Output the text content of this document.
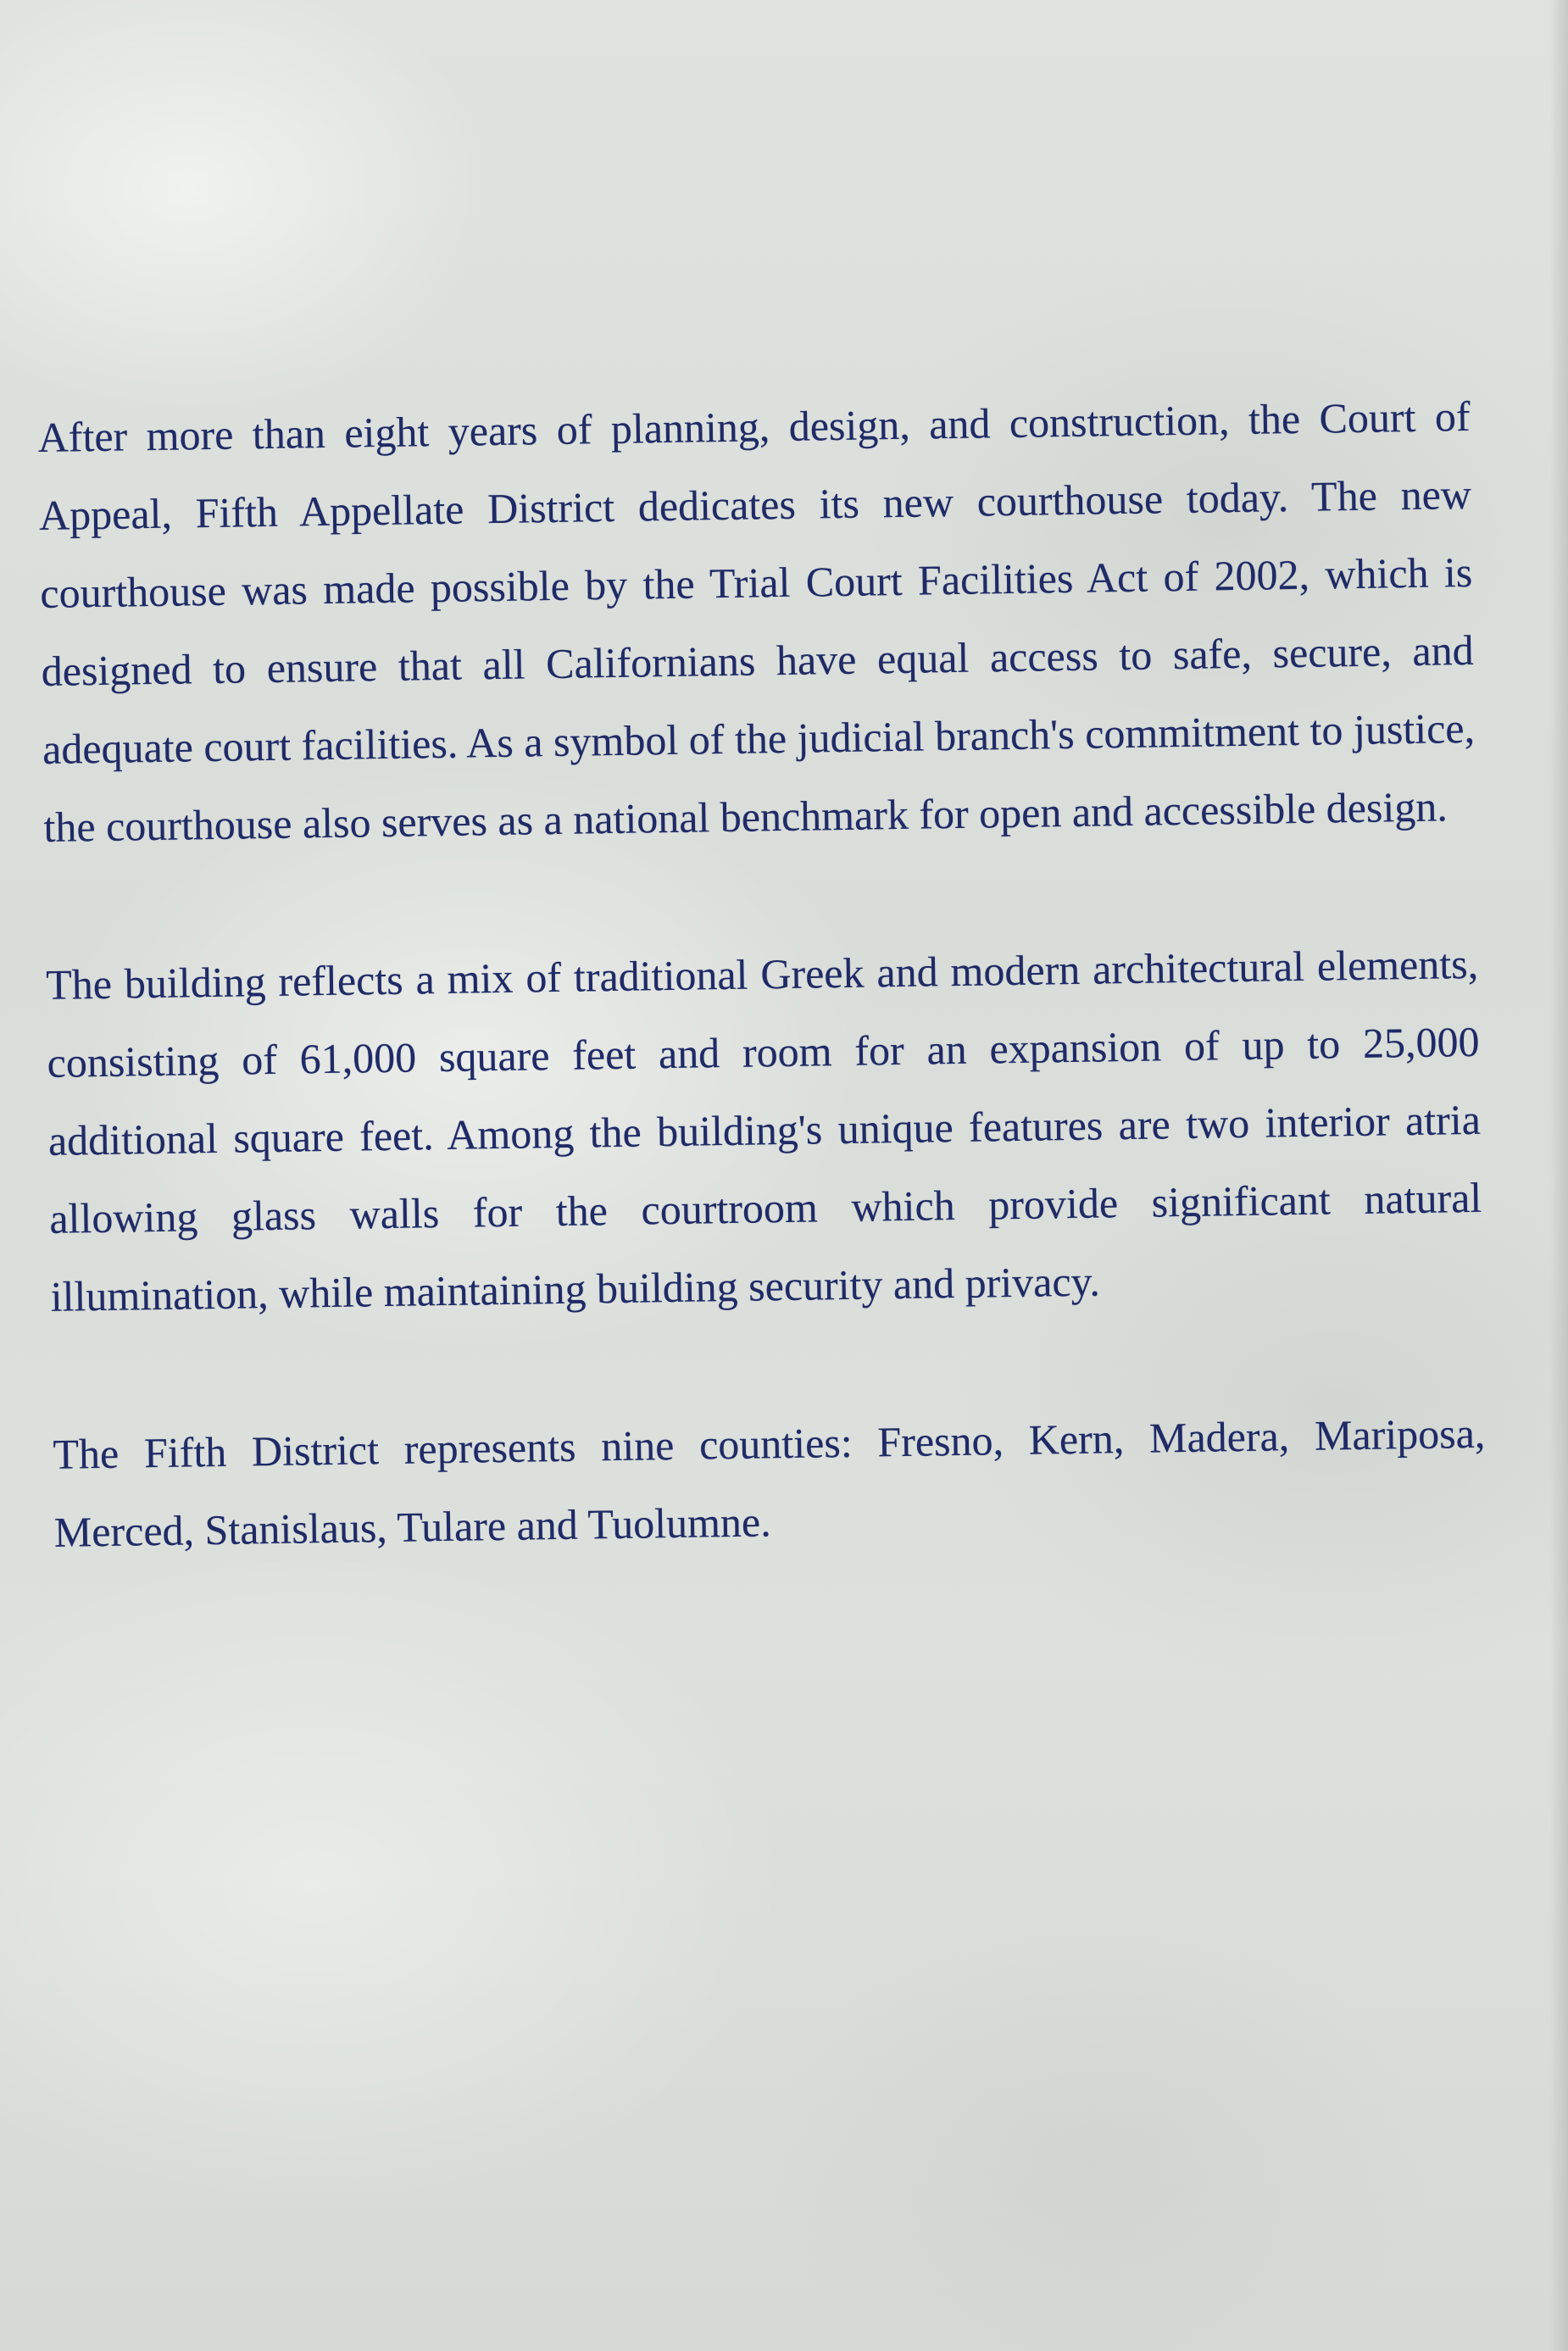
After more than eight years of planning, design, and construction, the Court of Appeal, Fifth Appellate District dedicates its new courthouse today. The new courthouse was made possible by the Trial Court Facilities Act of 2002, which is designed to ensure that all Californians have equal access to safe, secure, and adequate court facilities. As a symbol of the judicial branch's commitment to justice, the courthouse also serves as a national benchmark for open and accessible design.

The building reflects a mix of traditional Greek and modern architectural elements, consisting of 61,000 square feet and room for an expansion of up to 25,000 additional square feet. Among the building's unique features are two interior atria allowing glass walls for the courtroom which provide significant natural illumination, while maintaining building security and privacy.

The Fifth District represents nine counties: Fresno, Kern, Madera, Mariposa, Merced, Stanislaus, Tulare and Tuolumne.
